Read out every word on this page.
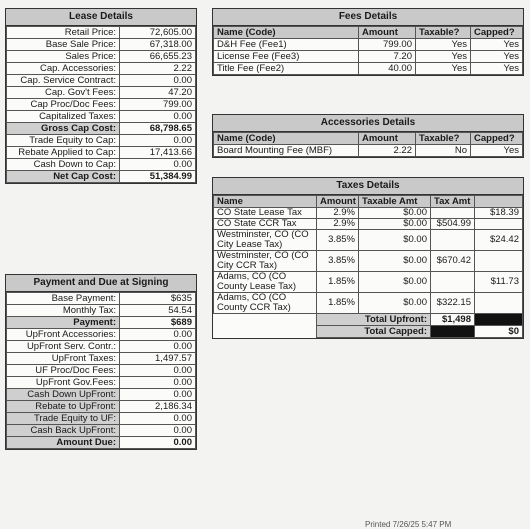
Lease Details
Retail Price:	72,605.00
Base Sale Price:	67,318.00
Sales Price:	66,655.23
Cap. Accessories:	2.22
Cap. Service Contract:	0.00
Cap. Gov't Fees:	47.20
Cap Proc/Doc Fees:	799.00
Capitalized Taxes:	0.00
Gross Cap Cost:	68,798.65
Trade Equity to Cap:	0.00
Rebate Applied to Cap:	17,413.66
Cash Down to Cap:	0.00
Net Cap Cost:	51,384.99
Payment and Due at Signing
Base Payment:	$635
Monthly Tax:	54.54
Payment:	$689
UpFront Accessories:	0.00
UpFront Serv. Contr.:	0.00
UpFront Taxes:	1,497.57
UF Proc/Doc Fees:	0.00
UpFront Gov.Fees:	0.00
Cash Down UpFront:	0.00
Rebate to UpFront:	2,186.34
Trade Equity to UF:	0.00
Cash Back UpFront:	0.00
Amount Due:	0.00
Fees Details
Name (Code)	Amount	Taxable?	Capped?
D&H Fee (Fee1)	799.00	Yes	Yes
License Fee (Fee3)	7.20	Yes	Yes
Title Fee (Fee2)	40.00	Yes	Yes
Accessories Details
Name (Code)	Amount	Taxable?	Capped?
Board Mounting Fee (MBF)	2.22	No	Yes
Taxes Details
Name	Amount	Taxable Amt	Tax Amt	
CO State Lease Tax	2.9%	$0.00		$18.39
CO State CCR Tax	2.9%	$0.00	$504.99	
Westminster, CO (CO City Lease Tax)	3.85%	$0.00		$24.42
Westminster, CO (CO City CCR Tax)	3.85%	$0.00	$670.42	
Adams, CO (CO County Lease Tax)	1.85%	$0.00		$11.73
Adams, CO (CO County CCR Tax)	1.85%	$0.00	$322.15	
	Total Upfront:		$1,498	
	Total Capped:			$0
Printed 7/26/25 5:47 PM
